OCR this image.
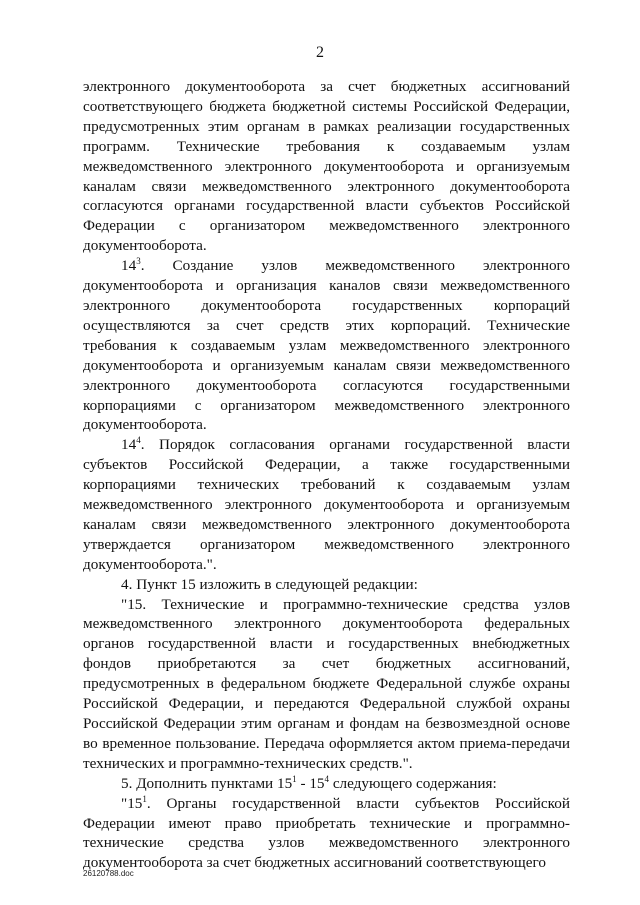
2

электронного документооборота за счет бюджетных ассигнований соответствующего бюджета бюджетной системы Российской Федерации, предусмотренных этим органам в рамках реализации государственных программ. Технические требования к создаваемым узлам межведомственного электронного документооборота и организуемым каналам связи межведомственного электронного документооборота согласуются органами государственной власти субъектов Российской Федерации с организатором межведомственного электронного документооборота.

$14^3$. Создание узлов межведомственного электронного документооборота и организация каналов связи межведомственного электронного документооборота государственных корпораций осуществляются за счет средств этих корпораций. Технические требования к создаваемым узлам межведомственного электронного документооборота и организуемым каналам связи межведомственного электронного документооборота согласуются государственными корпорациями с организатором межведомственного электронного документооборота.

$14^4$. Порядок согласования органами государственной власти субъектов Российской Федерации, а также государственными корпорациями технических требований к создаваемым узлам межведомственного электронного документооборота и организуемым каналам связи межведомственного электронного документооборота утверждается организатором межведомственного электронного документооборота.".

4. Пункт 15 изложить в следующей редакции:

"15. Технические и программно-технические средства узлов межведомственного электронного документооборота федеральных органов государственной власти и государственных внебюджетных фондов приобретаются за счет бюджетных ассигнований, предусмотренных в федеральном бюджете Федеральной службе охраны Российской Федерации, и передаются Федеральной службой охраны Российской Федерации этим органам и фондам на безвозмездной основе во временное пользование. Передача оформляется актом приема-передачи технических и программно-технических средств.".

5. Дополнить пунктами $15^1 - 15^4$ следующего содержания:

"$15^1$. Органы государственной власти субъектов Российской Федерации имеют право приобретать технические и программно-технические средства узлов межведомственного электронного документооборота за счет бюджетных ассигнований соответствующего

26120788.doc
